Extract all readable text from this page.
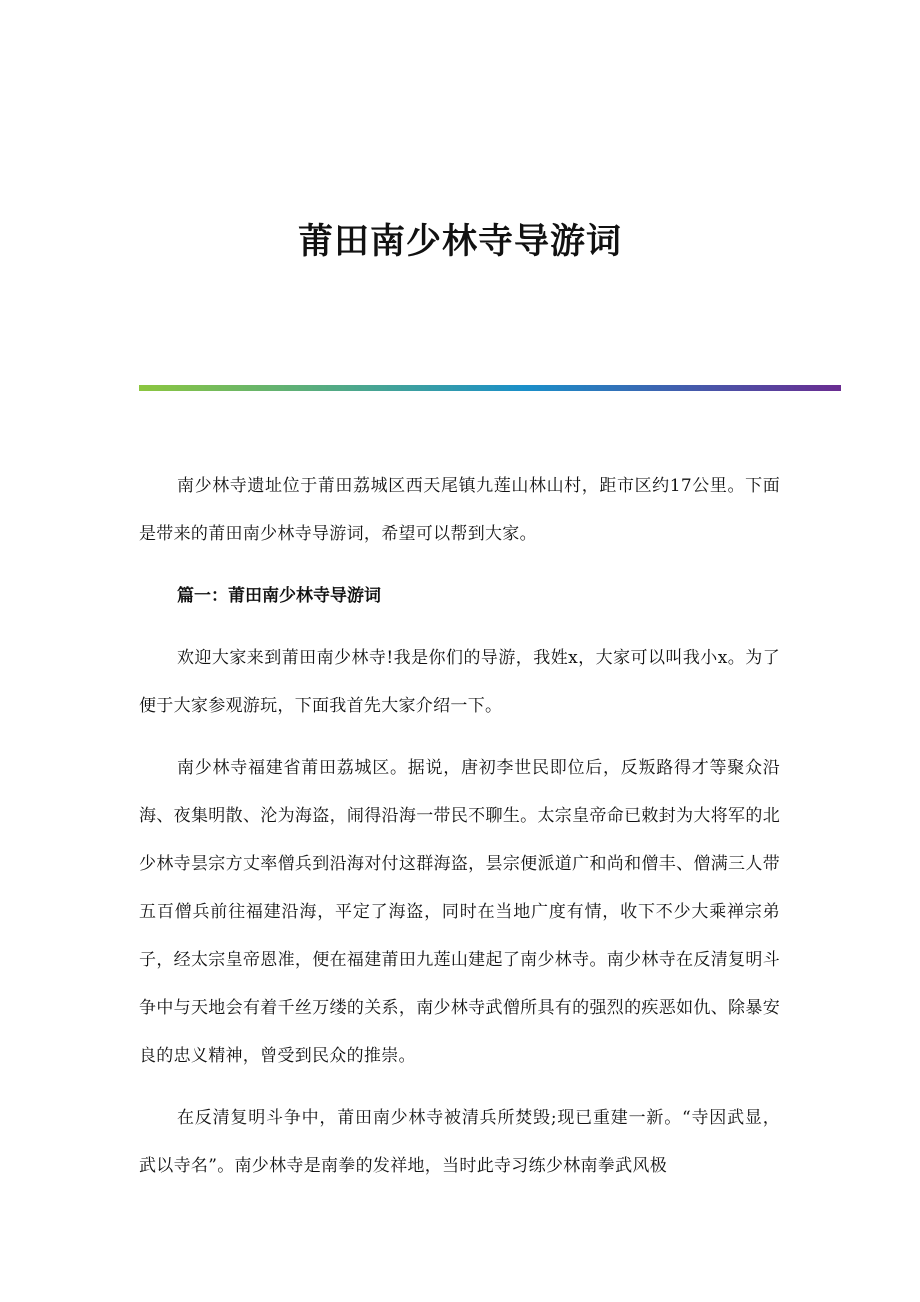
莆田南少林寺导游词

南少林寺遗址位于莆田荔城区西天尾镇九莲山林山村，距市区约17公里。下面是带来的莆田南少林寺导游词，希望可以帮到大家。

篇一：莆田南少林寺导游词

欢迎大家来到莆田南少林寺!我是你们的导游，我姓x，大家可以叫我小x。为了便于大家参观游玩，下面我首先大家介绍一下。

南少林寺福建省莆田荔城区。据说，唐初李世民即位后，反叛路得才等聚众沿海、夜集明散、沦为海盗，闹得沿海一带民不聊生。太宗皇帝命已敕封为大将军的北少林寺昙宗方丈率僧兵到沿海对付这群海盗，昙宗便派道广和尚和僧丰、僧满三人带五百僧兵前往福建沿海，平定了海盗，同时在当地广度有情，收下不少大乘禅宗弟子，经太宗皇帝恩准，便在福建莆田九莲山建起了南少林寺。南少林寺在反清复明斗争中与天地会有着千丝万缕的关系，南少林寺武僧所具有的强烈的疾恶如仇、除暴安良的忠义精神，曾受到民众的推崇。

在反清复明斗争中，莆田南少林寺被清兵所焚毁;现已重建一新。“寺因武显，武以寺名”。南少林寺是南拳的发祥地，当时此寺习练少林南拳武风极
